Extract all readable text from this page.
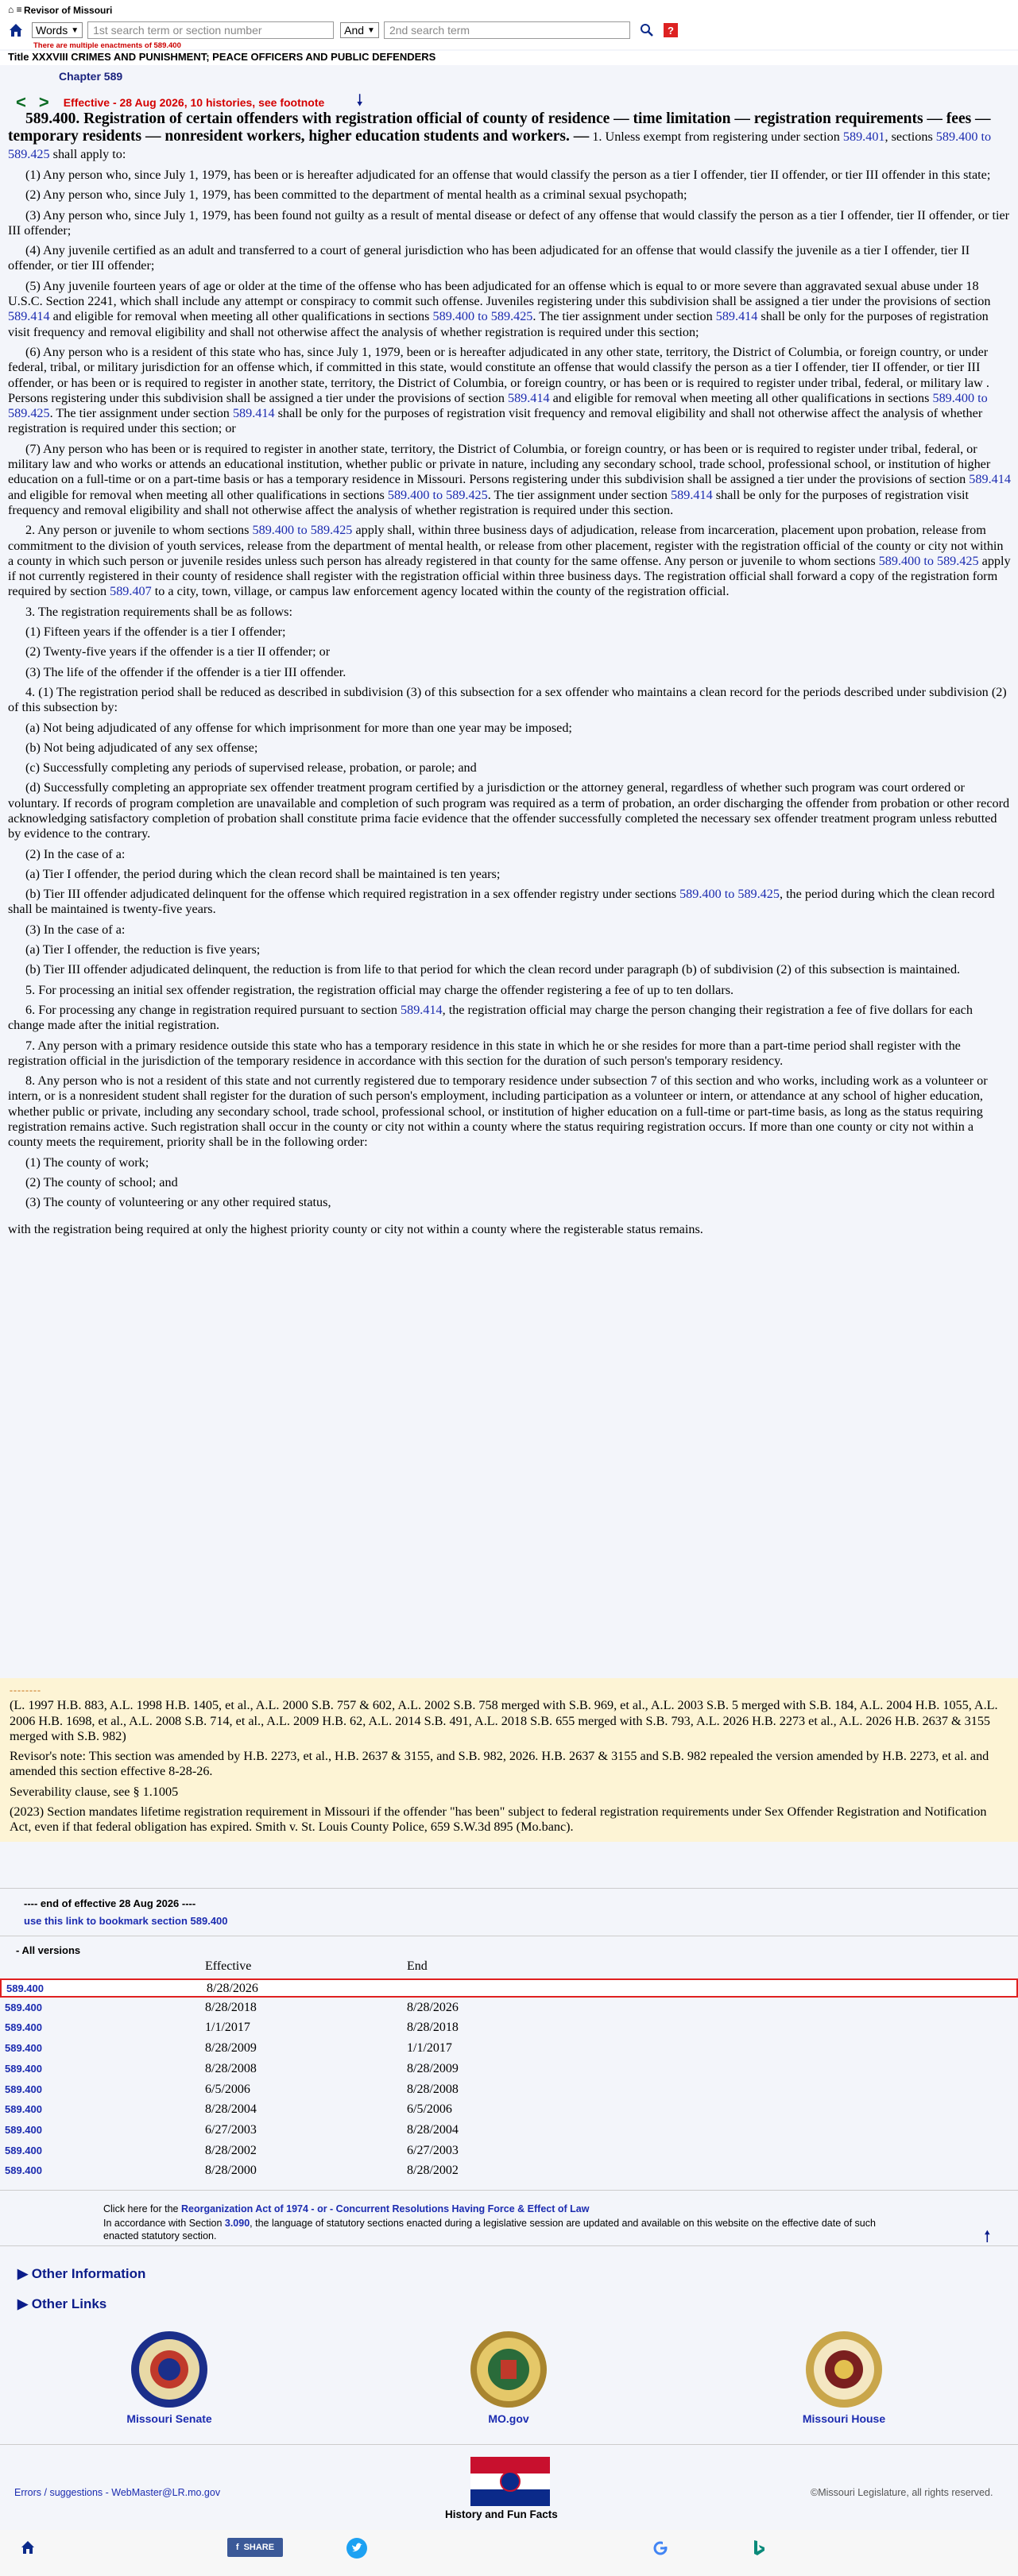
⌂ ≡ Revisor of Missouri
Words ▼	1st search term or section number	And ▼	2nd search term	?
There are multiple enactments of 589.400
Title XXXVIII CRIMES AND PUNISHMENT; PEACE OFFICERS AND PUBLIC DEFENDERS
Chapter 589
< > Effective - 28 Aug 2026, 10 histories, see footnote 🠗

589.400. Registration of certain offenders with registration official of county of residence — time limitation — registration requirements — fees — temporary residents — nonresident workers, higher education students and workers. — 1. Unless exempt from registering under section 589.401, sections 589.400 to 589.425 shall apply to:

(1) Any person who, since July 1, 1979, has been or is hereafter adjudicated for an offense that would classify the person as a tier I offender, tier II offender, or tier III offender in this state;

(2) Any person who, since July 1, 1979, has been committed to the department of mental health as a criminal sexual psychopath;

(3) Any person who, since July 1, 1979, has been found not guilty as a result of mental disease or defect of any offense that would classify the person as a tier I offender, tier II offender, or tier III offender;

(4) Any juvenile certified as an adult and transferred to a court of general jurisdiction who has been adjudicated for an offense that would classify the juvenile as a tier I offender, tier II offender, or tier III offender;

(5) Any juvenile fourteen years of age or older at the time of the offense who has been adjudicated for an offense which is equal to or more severe than aggravated sexual abuse under 18 U.S.C. Section 2241, which shall include any attempt or conspiracy to commit such offense. Juveniles registering under this subdivision shall be assigned a tier under the provisions of section 589.414 and eligible for removal when meeting all other qualifications in sections 589.400 to 589.425. The tier assignment under section 589.414 shall be only for the purposes of registration visit frequency and removal eligibility and shall not otherwise affect the analysis of whether registration is required under this section;

(6) Any person who is a resident of this state who has, since July 1, 1979, been or is hereafter adjudicated in any other state, territory, the District of Columbia, or foreign country, or under federal, tribal, or military jurisdiction for an offense which, if committed in this state, would constitute an offense that would classify the person as a tier I offender, tier II offender, or tier III offender, or has been or is required to register in another state, territory, the District of Columbia, or foreign country, or has been or is required to register under tribal, federal, or military law . Persons registering under this subdivision shall be assigned a tier under the provisions of section 589.414 and eligible for removal when meeting all other qualifications in sections 589.400 to 589.425. The tier assignment under section 589.414 shall be only for the purposes of registration visit frequency and removal eligibility and shall not otherwise affect the analysis of whether registration is required under this section; or

(7) Any person who has been or is required to register in another state, territory, the District of Columbia, or foreign country, or has been or is required to register under tribal, federal, or military law and who works or attends an educational institution, whether public or private in nature, including any secondary school, trade school, professional school, or institution of higher education on a full-time or on a part-time basis or has a temporary residence in Missouri. Persons registering under this subdivision shall be assigned a tier under the provisions of section 589.414 and eligible for removal when meeting all other qualifications in sections 589.400 to 589.425. The tier assignment under section 589.414 shall be only for the purposes of registration visit frequency and removal eligibility and shall not otherwise affect the analysis of whether registration is required under this section.

2. Any person or juvenile to whom sections 589.400 to 589.425 apply shall, within three business days of adjudication, release from incarceration, placement upon probation, release from commitment to the division of youth services, release from the department of mental health, or release from other placement, register with the registration official of the county or city not within a county in which such person or juvenile resides unless such person has already registered in that county for the same offense. Any person or juvenile to whom sections 589.400 to 589.425 apply if not currently registered in their county of residence shall register with the registration official within three business days. The registration official shall forward a copy of the registration form required by section 589.407 to a city, town, village, or campus law enforcement agency located within the county of the registration official.

3. The registration requirements shall be as follows:

(1) Fifteen years if the offender is a tier I offender;

(2) Twenty-five years if the offender is a tier II offender; or

(3) The life of the offender if the offender is a tier III offender.

4. (1) The registration period shall be reduced as described in subdivision (3) of this subsection for a sex offender who maintains a clean record for the periods described under subdivision (2) of this subsection by:

(a) Not being adjudicated of any offense for which imprisonment for more than one year may be imposed;

(b) Not being adjudicated of any sex offense;

(c) Successfully completing any periods of supervised release, probation, or parole; and

(d) Successfully completing an appropriate sex offender treatment program certified by a jurisdiction or the attorney general, regardless of whether such program was court ordered or voluntary. If records of program completion are unavailable and completion of such program was required as a term of probation, an order discharging the offender from probation or other record acknowledging satisfactory completion of probation shall constitute prima facie evidence that the offender successfully completed the necessary sex offender treatment program unless rebutted by evidence to the contrary.

(2) In the case of a:

(a) Tier I offender, the period during which the clean record shall be maintained is ten years;

(b) Tier III offender adjudicated delinquent for the offense which required registration in a sex offender registry under sections 589.400 to 589.425, the period during which the clean record shall be maintained is twenty-five years.

(3) In the case of a:

(a) Tier I offender, the reduction is five years;

(b) Tier III offender adjudicated delinquent, the reduction is from life to that period for which the clean record under paragraph (b) of subdivision (2) of this subsection is maintained.

5. For processing an initial sex offender registration, the registration official may charge the offender registering a fee of up to ten dollars.

6. For processing any change in registration required pursuant to section 589.414, the registration official may charge the person changing their registration a fee of five dollars for each change made after the initial registration.

7. Any person with a primary residence outside this state who has a temporary residence in this state in which he or she resides for more than a part-time period shall register with the registration official in the jurisdiction of the temporary residence in accordance with this section for the duration of such person's temporary residency.

8. Any person who is not a resident of this state and not currently registered due to temporary residence under subsection 7 of this section and who works, including work as a volunteer or intern, or is a nonresident student shall register for the duration of such person's employment, including participation as a volunteer or intern, or attendance at any school of higher education, whether public or private, including any secondary school, trade school, professional school, or institution of higher education on a full-time or part-time basis, as long as the status requiring registration remains active. Such registration shall occur in the county or city not within a county where the status requiring registration occurs. If more than one county or city not within a county meets the requirement, priority shall be in the following order:

(1) The county of work;

(2) The county of school; and

(3) The county of volunteering or any other required status,

with the registration being required at only the highest priority county or city not within a county where the registerable status remains.

--------

(L. 1997 H.B. 883, A.L. 1998 H.B. 1405, et al., A.L. 2000 S.B. 757 & 602, A.L. 2002 S.B. 758 merged with S.B. 969, et al., A.L. 2003 S.B. 5 merged with S.B. 184, A.L. 2004 H.B. 1055, A.L. 2006 H.B. 1698, et al., A.L. 2008 S.B. 714, et al., A.L. 2009 H.B. 62, A.L. 2014 S.B. 491, A.L. 2018 S.B. 655 merged with S.B. 793, A.L. 2026 H.B. 2273 et al., A.L. 2026 H.B. 2637 & 3155 merged with S.B. 982)

Revisor's note: This section was amended by H.B. 2273, et al., H.B. 2637 & 3155, and S.B. 982, 2026. H.B. 2637 & 3155 and S.B. 982 repealed the version amended by H.B. 2273, et al. and amended this section effective 8-28-26.

Severability clause, see § 1.1005

(2023) Section mandates lifetime registration requirement in Missouri if the offender "has been" subject to federal registration requirements under Sex Offender Registration and Notification Act, even if that federal obligation has expired. Smith v. St. Louis County Police, 659 S.W.3d 895 (Mo.banc).

---- end of effective 28 Aug 2026 ----
use this link to bookmark section 589.400
- All versions
Effective	End
589.400	8/28/2026
589.400	8/28/2018	8/28/2026
589.400	1/1/2017	8/28/2018
589.400	8/28/2009	1/1/2017
589.400	8/28/2008	8/28/2009
589.400	6/5/2006	8/28/2008
589.400	8/28/2004	6/5/2006
589.400	6/27/2003	8/28/2004
589.400	8/28/2002	6/27/2003
589.400	8/28/2000	8/28/2002
Click here for the Reorganization Act of 1974 - or - Concurrent Resolutions Having Force & Effect of Law
In accordance with Section 3.090, the language of statutory sections enacted during a legislative session are updated and available on this website on the effective date of such enacted statutory section.	🠕
▶ Other Information
▶ Other Links
Missouri Senate	MO.gov	Missouri House
Errors / suggestions - WebMaster@LR.mo.gov	©Missouri Legislature, all rights reserved.
History and Fun Facts
f SHARE
